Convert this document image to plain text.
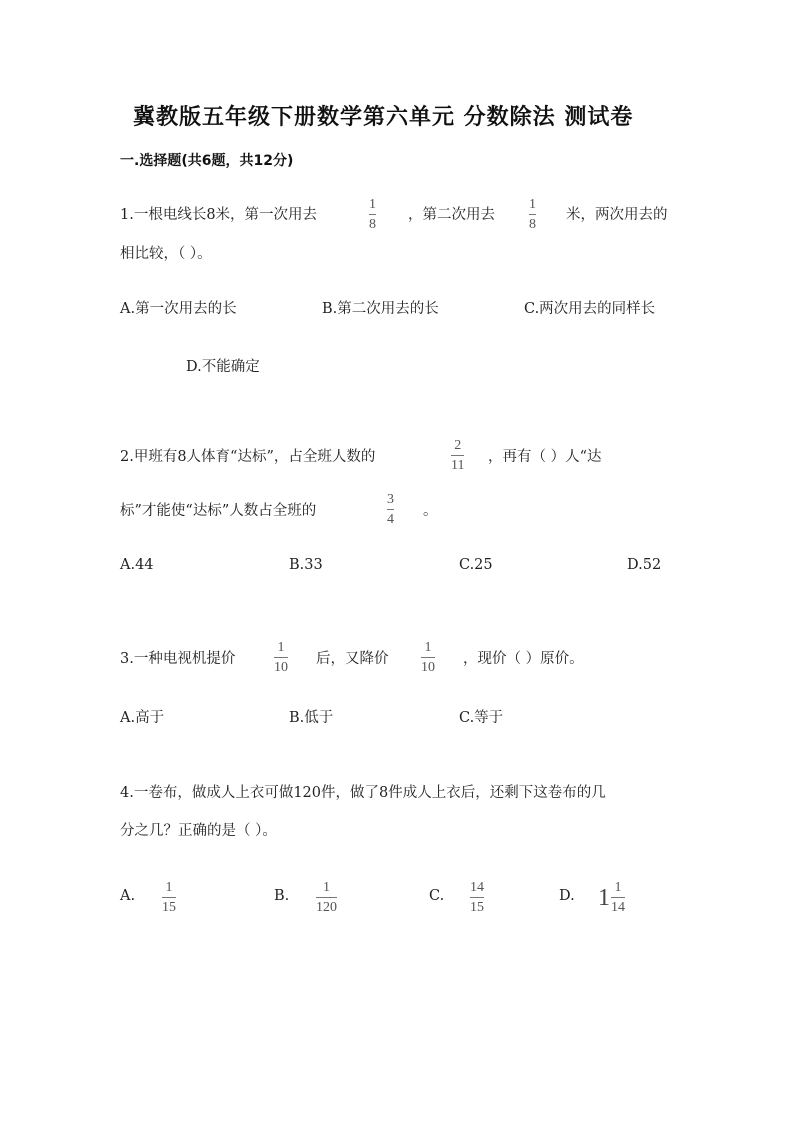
冀教版五年级下册数学第六单元 分数除法 测试卷
一.选择题(共6题，共12分)
1.一根电线长8米，第一次用去
1
8
，第二次用去
1
8
米，两次用去的
相比较，（ ）。
A.第一次用去的长	B.第二次用去的长	C.两次用去的同样长
D.不能确定
2.甲班有8人体育“达标”，占全班人数的
2
11
，再有（ ）人“达
标”才能使“达标”人数占全班的
3
4
。
A.44	B.33	C.25	D.52
3.一种电视机提价
1
10
后，又降价
1
10
，现价（ ）原价。
A.高于	B.低于	C.等于
4.一卷布，做成人上衣可做120件，做了8件成人上衣后，还剩下这卷布的几
分之几？正确的是（ ）。
A.
1
15
B.
1
120
C.
14
15
D. $1 \frac{1}{14}$
